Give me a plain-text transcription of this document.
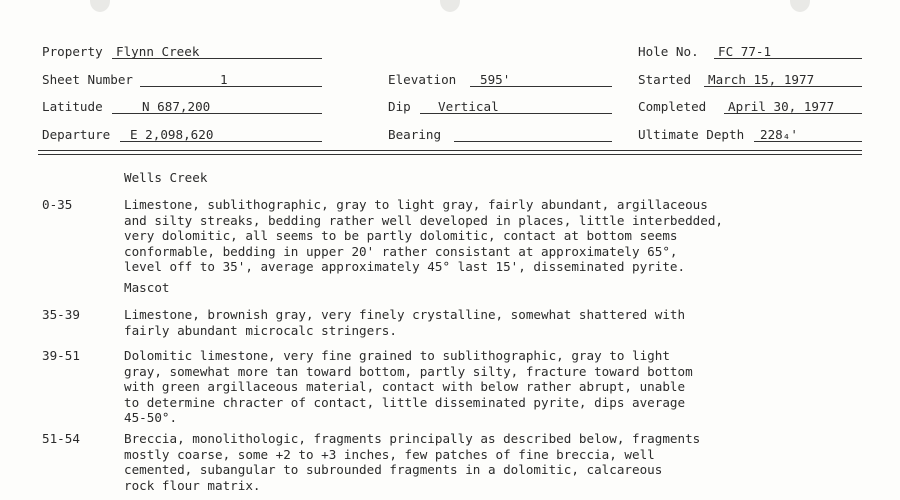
Property	Flynn Creek
Sheet Number	1
Latitude	N 687,200
Departure	E 2,098,620
Elevation	595'
Dip	Vertical
Bearing
Hole No.	FC 77-1
Started	March 15, 1977
Completed	April 30, 1977
Ultimate Depth	228₄'
Wells Creek
0-35	Limestone, sublithographic, gray to light gray, fairly abundant, argillaceous
and silty streaks, bedding rather well developed in places, little interbedded,
very dolomitic, all seems to be partly dolomitic, contact at bottom seems
conformable, bedding in upper 20' rather consistant at approximately 65°,
level off to 35', average approximately 45° last 15', disseminated pyrite.
Mascot
35-39	Limestone, brownish gray, very finely crystalline, somewhat shattered with
fairly abundant microcalc stringers.
39-51	Dolomitic limestone, very fine grained to sublithographic, gray to light
gray, somewhat more tan toward bottom, partly silty, fracture toward bottom
with green argillaceous material, contact with below rather abrupt, unable
to determine chracter of contact, little disseminated pyrite, dips average
45-50°.
51-54	Breccia, monolithologic, fragments principally as described below, fragments
mostly coarse, some +2 to +3 inches, few patches of fine breccia, well
cemented, subangular to subrounded fragments in a dolomitic, calcareous
rock flour matrix.
